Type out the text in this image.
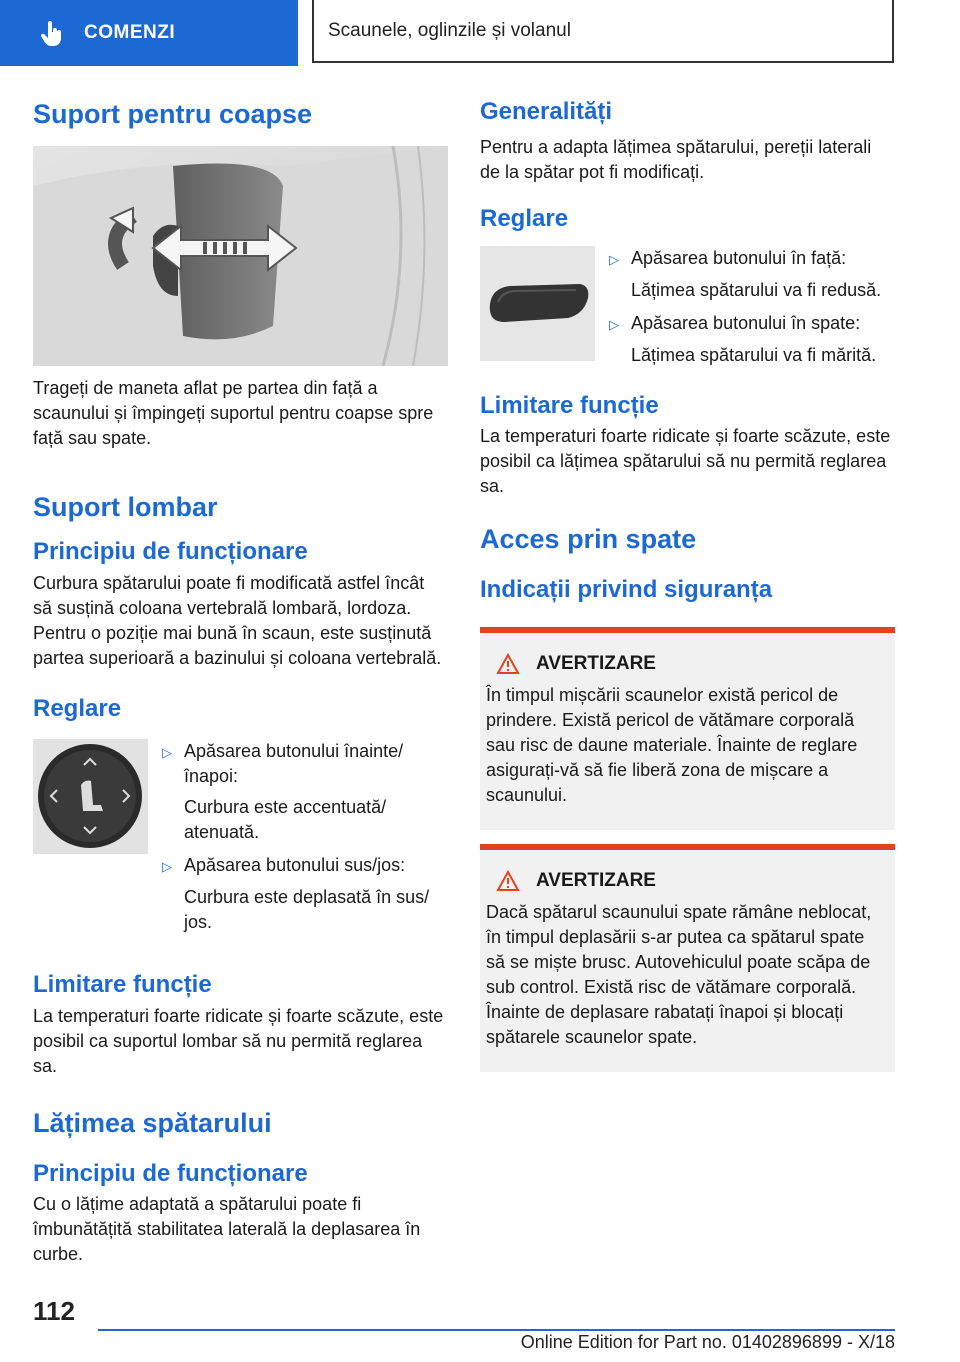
COMENZI	Scaunele, oglinzile și volanul
Suport pentru coapse

Trageți de maneta aflat pe partea din față a scaunului și împingeți suportul pentru coapse spre față sau spate.

Suport lombar
Principiu de funcționare

Curbura spătarului poate fi modificată astfel încât să susțină coloana vertebrală lombară, lordoza. Pentru o poziție mai bună în scaun, este susținută partea superioară a bazinului și coloana vertebrală.

Reglare
▷ Apăsarea butonului înainte/ înapoi:
Curbura este accentuată/ atenuată.
▷ Apăsarea butonului sus/jos:
Curbura este deplasată în sus/ jos.
Limitare funcție

La temperaturi foarte ridicate și foarte scăzute, este posibil ca suportul lombar să nu permită reglarea sa.

Lățimea spătarului
Principiu de funcționare

Cu o lățime adaptată a spătarului poate fi îmbunătățită stabilitatea laterală la deplasarea în curbe.

Generalități

Pentru a adapta lățimea spătarului, pereții laterali de la spătar pot fi modificați.

Reglare
▷ Apăsarea butonului în față:
Lățimea spătarului va fi redusă.
▷ Apăsarea butonului în spate:
Lățimea spătarului va fi mărită.
Limitare funcție

La temperaturi foarte ridicate și foarte scăzute, este posibil ca lățimea spătarului să nu permită reglarea sa.

Acces prin spate
Indicații privind siguranța
AVERTIZARE

În timpul mișcării scaunelor există pericol de prindere. Există pericol de vătămare corporală sau risc de daune materiale. Înainte de reglare asigurați-vă să fie liberă zona de mișcare a scaunului.

AVERTIZARE

Dacă spătarul scaunului spate rămâne neblocat, în timpul deplasării s-ar putea ca spătarul spate să se miște brusc. Autovehiculul poate scăpa de sub control. Există risc de vătămare corporală. Înainte de deplasare rabatați înapoi și blocați spătarele scaunelor spate.

112
Online Edition for Part no. 01402896899 - X/18
